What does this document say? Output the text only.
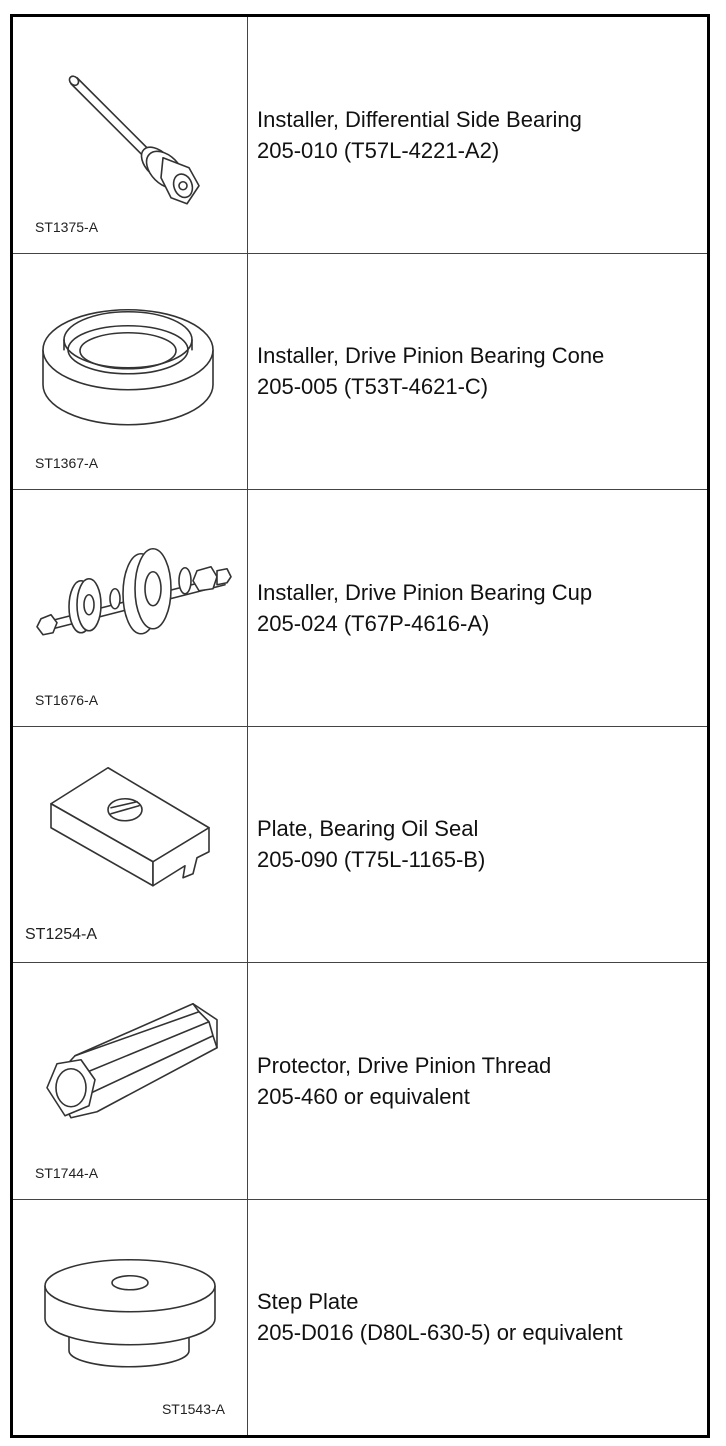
ST1375-A
Installer, Differential Side Bearing
205-010 (T57L-4221-A2)
ST1367-A
Installer, Drive Pinion Bearing Cone
205-005 (T53T-4621-C)
ST1676-A
Installer, Drive Pinion Bearing Cup
205-024 (T67P-4616-A)
ST1254-A
Plate, Bearing Oil Seal
205-090 (T75L-1165-B)
ST1744-A
Protector, Drive Pinion Thread
205-460 or equivalent
ST1543-A
Step Plate
205-D016 (D80L-630-5) or equivalent
